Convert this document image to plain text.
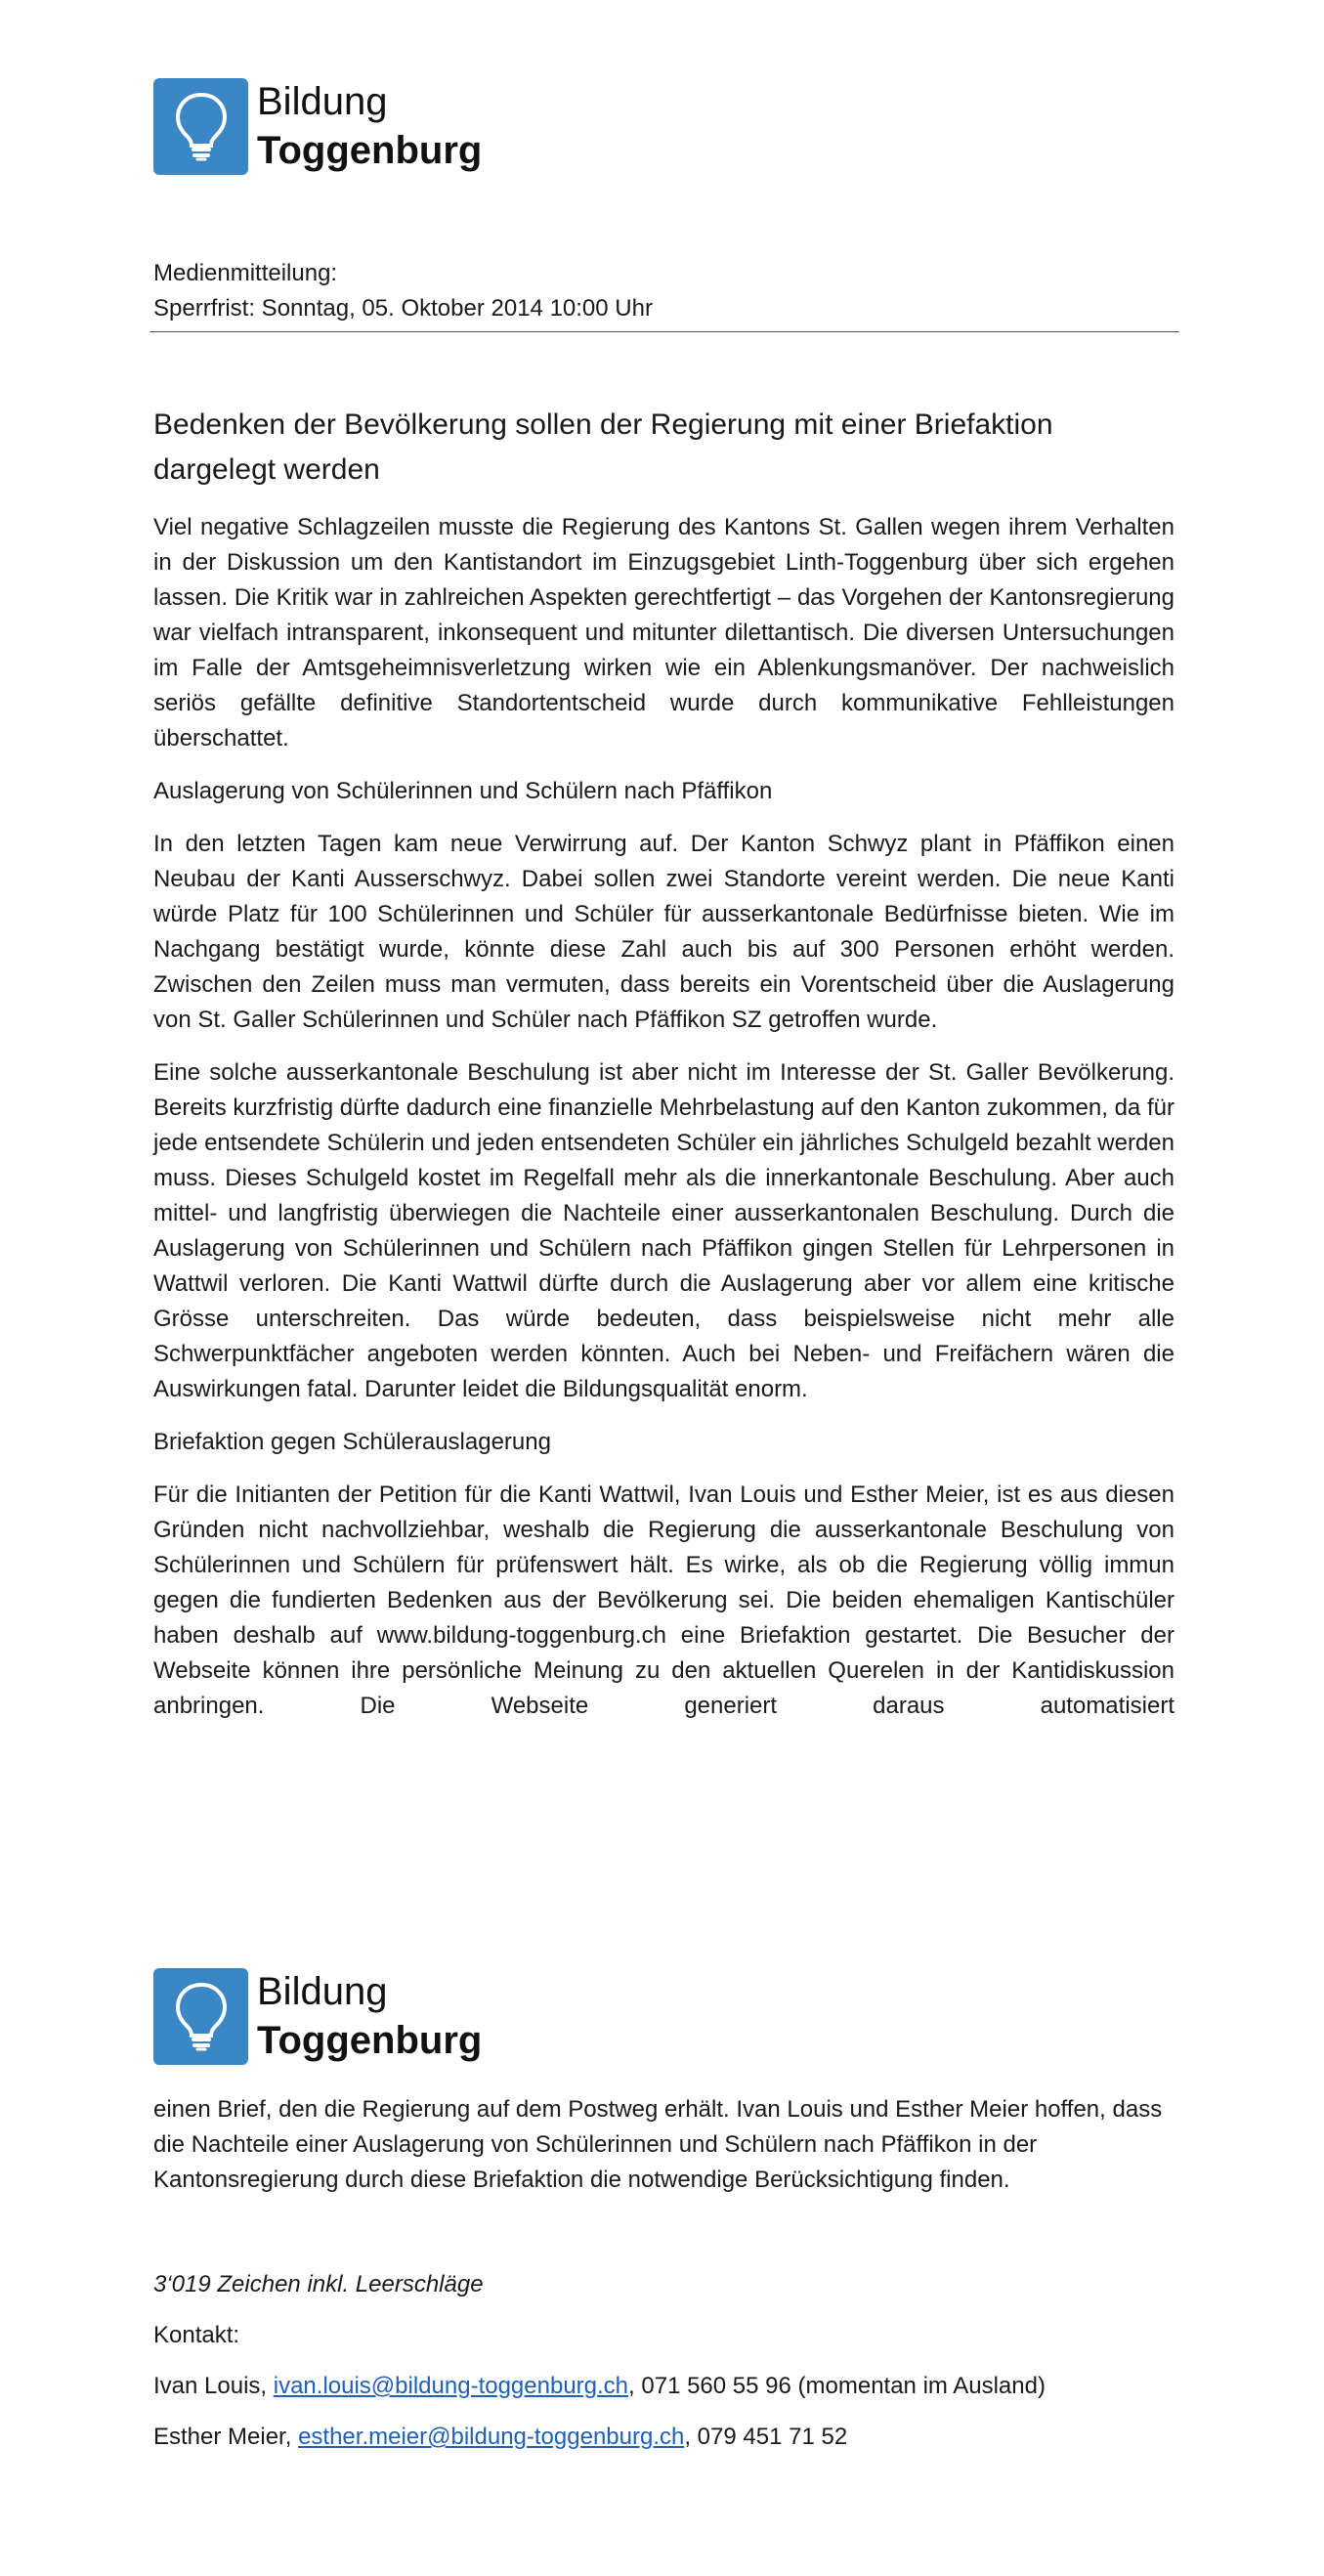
Bildung
Toggenburg
Medienmitteilung:
Sperrfrist: Sonntag, 05. Oktober 2014 10:00 Uhr
Bedenken der Bevölkerung sollen der Regierung mit einer Briefaktion dargelegt werden

Viel negative Schlagzeilen musste die Regierung des Kantons St. Gallen wegen ihrem Verhalten in der Diskussion um den Kantistandort im Einzugsgebiet Linth-Toggenburg über sich ergehen lassen. Die Kritik war in zahlreichen Aspekten gerechtfertigt – das Vorgehen der Kantonsregierung war vielfach intransparent, inkonsequent und mitunter dilettantisch. Die diversen Untersuchungen im Falle der Amtsgeheimnisverletzung wirken wie ein Ablenkungsmanöver. Der nachweislich seriös gefällte definitive Standortentscheid wurde durch kommunikative Fehlleistungen überschattet.

Auslagerung von Schülerinnen und Schülern nach Pfäffikon

In den letzten Tagen kam neue Verwirrung auf. Der Kanton Schwyz plant in Pfäffikon einen Neubau der Kanti Ausserschwyz. Dabei sollen zwei Standorte vereint werden. Die neue Kanti würde Platz für 100 Schülerinnen und Schüler für ausserkantonale Bedürfnisse bieten. Wie im Nachgang bestätigt wurde, könnte diese Zahl auch bis auf 300 Personen erhöht werden. Zwischen den Zeilen muss man vermuten, dass bereits ein Vorentscheid über die Auslagerung von St. Galler Schülerinnen und Schüler nach Pfäffikon SZ getroffen wurde.

Eine solche ausserkantonale Beschulung ist aber nicht im Interesse der St. Galler Bevölkerung. Bereits kurzfristig dürfte dadurch eine finanzielle Mehrbelastung auf den Kanton zukommen, da für jede entsendete Schülerin und jeden entsendeten Schüler ein jährliches Schulgeld bezahlt werden muss. Dieses Schulgeld kostet im Regelfall mehr als die innerkantonale Beschulung. Aber auch mittel- und langfristig überwiegen die Nachteile einer ausserkantonalen Beschulung. Durch die Auslagerung von Schülerinnen und Schülern nach Pfäffikon gingen Stellen für Lehrpersonen in Wattwil verloren. Die Kanti Wattwil dürfte durch die Auslagerung aber vor allem eine kritische Grösse unterschreiten. Das würde bedeuten, dass beispielsweise nicht mehr alle Schwerpunktfächer angeboten werden könnten. Auch bei Neben- und Freifächern wären die Auswirkungen fatal. Darunter leidet die Bildungsqualität enorm.

Briefaktion gegen Schülerauslagerung

Für die Initianten der Petition für die Kanti Wattwil, Ivan Louis und Esther Meier, ist es aus diesen Gründen nicht nachvollziehbar, weshalb die Regierung die ausserkantonale Beschulung von Schülerinnen und Schülern für prüfenswert hält. Es wirke, als ob die Regierung völlig immun gegen die fundierten Bedenken aus der Bevölkerung sei. Die beiden ehemaligen Kantischüler haben deshalb auf www.bildung-toggenburg.ch eine Briefaktion gestartet. Die Besucher der Webseite können ihre persönliche Meinung zu den aktuellen Querelen in der Kantidiskussion anbringen. Die Webseite generiert daraus automatisiert

Bildung
Toggenburg

einen Brief, den die Regierung auf dem Postweg erhält. Ivan Louis und Esther Meier hoffen, dass die Nachteile einer Auslagerung von Schülerinnen und Schülern nach Pfäffikon in der Kantonsregierung durch diese Briefaktion die notwendige Berücksichtigung finden.

3‘019 Zeichen inkl. Leerschläge

Kontakt:

Ivan Louis, ivan.louis@bildung-toggenburg.ch, 071 560 55 96 (momentan im Ausland)

Esther Meier, esther.meier@bildung-toggenburg.ch, 079 451 71 52
